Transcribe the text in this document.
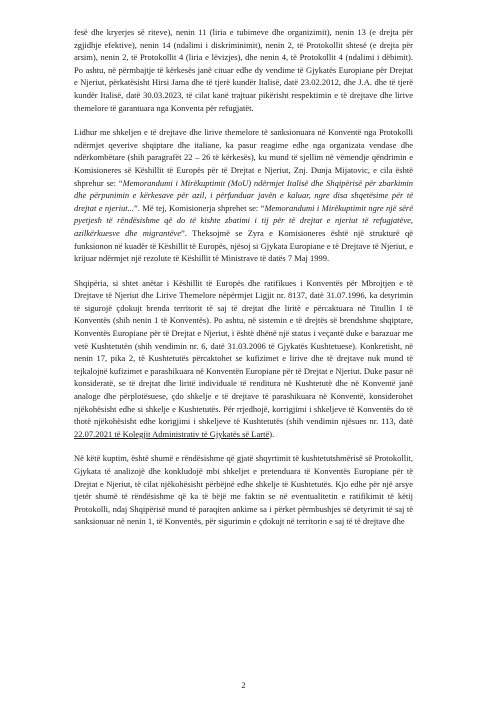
fesë dhe kryerjes së riteve), nenin 11 (liria e tubimeve dhe organizimit), nenin 13 (e drejta për zgjidhje efektive), nenin 14 (ndalimi i diskriminimit), nenin 2, të Protokollit shtesë (e drejta për arsim), nenin 2, të Protokollit 4 (liria e lëvizjes), dhe nenin 4, të Protokollit 4 (ndalimi i dëbimit). Po ashtu, në përmbajtje të kërkesës janë cituar edhe dy vendime të Gjykatës Europiane për Drejtat e Njeriut, përkatësisht Hirsi Jama dhe të tjerë kundër Italisë, datë 23.02.2012, dhe J.A. dhe të tjerë kundër Italisë, datë 30.03.2023, të cilat kanë trajtuar pikërisht respektimin e të drejtave dhe lirive themelore të garantuara nga Konventa për refugjatët.

Lidhur me shkeljen e të drejtave dhe lirive themelore të sanksionuara në Konventë nga Protokolli ndërmjet qeverive shqiptare dhe italiane, ka pasur reagime edhe nga organizata vendase dhe ndërkombëtare (shih paragrafët 22 – 26 të kërkesës), ku mund të sjellim në vëmendje qëndrimin e Komisioneres së Këshillit të Europës për të Drejtat e Njeriut, Znj. Dunja Mijatovic, e cila është shprehur se: “Memorandumi i Mirëkuptimit (MoU) ndërmjet Italisë dhe Shqipërisë për zbarkimin dhe përpunimin e kërkesave për azil, i përfunduar javën e kaluar, ngre disa shqetësime për të drejtat e njeriut...”. Më tej, Komisionerja shprehet se: “Memorandumi i Mirëkuptimit ngre një sërë pyetjesh të rëndësishme që do të kishte zbatimi i tij për të drejtat e njeriut të refugjatëve, azilkërkuesve dhe migrantëve”. Theksojmë se Zyra e Komisioneres është një strukturë që funksionon në kuadër të Këshillit të Europës, njësoj si Gjykata Europiane e të Drejtave të Njeriut, e krijuar ndërmjet një rezolute të Këshillit të Ministrave të datës 7 Maj 1999.

Shqipëria, si shtet anëtar i Këshillit të Europës dhe ratifikues i Konventës për Mbrojtjen e të Drejtave të Njeriut dhe Lirive Themelore nëpërmjet Ligjit nr. 8137, datë 31.07.1996, ka detyrimin të sigurojë çdokujt brenda territorit të saj të drejtat dhe liritë e përcaktuara në Titullin I të Konventës (shih nenin 1 të Konventës). Po ashtu, në sistemin e të drejtës së brendshme shqiptare, Konventës Europiane për të Drejtat e Njeriut, i është dhënë një status i veçantë duke e barazuar me vetë Kushtetutën (shih vendimin nr. 6, datë 31.03.2006 të Gjykatës Kushtetuese). Konkretisht, në nenin 17, pika 2, të Kushtetutës përcaktohet se kufizimet e lirive dhe të drejtave nuk mund të tejkalojnë kufizimet e parashikuara në Konventën Europiane për të Drejtat e Njeriut. Duke pasur në konsideratë, se të drejtat dhe liritë individuale të renditura në Kushtetutë dhe në Konventë janë analoge dhe përplotësuese, çdo shkelje e të drejtave të parashikuara në Konventë, konsiderohet njëkohësisht edhe si shkelje e Kushtetutës. Për rrjedhojë, korrigjimi i shkeljeve të Konventës do të thotë njëkohësisht edhe korigjimi i shkeljeve të Kushtetutës (shih vendimin njësues nr. 113, datë 22.07.2021 të Kolegjit Administrativ të Gjykatës së Lartë).

Në këtë kuptim, është shumë e rëndësishme që gjatë shqyrtimit të kushtetutshmërisë së Protokollit, Gjykata të analizojë dhe konkludojë mbi shkeljet e pretenduara të Konventës Europiane për të Drejtat e Njeriut, të cilat njëkohësisht përbëjnë edhe shkelje të Kushtetutës. Kjo edhe për një arsye tjetër shumë të rëndësishme që ka të bëjë me faktin se në eventualitetin e ratifikimit të këtij Protokolli, ndaj Shqipërisë mund të paraqiten ankime sa i përket përmbushjes së detyrimit të saj të sanksionuar në nenin 1, të Konventës, për sigurimin e çdokujt në territorin e saj të të drejtave dhe

2
